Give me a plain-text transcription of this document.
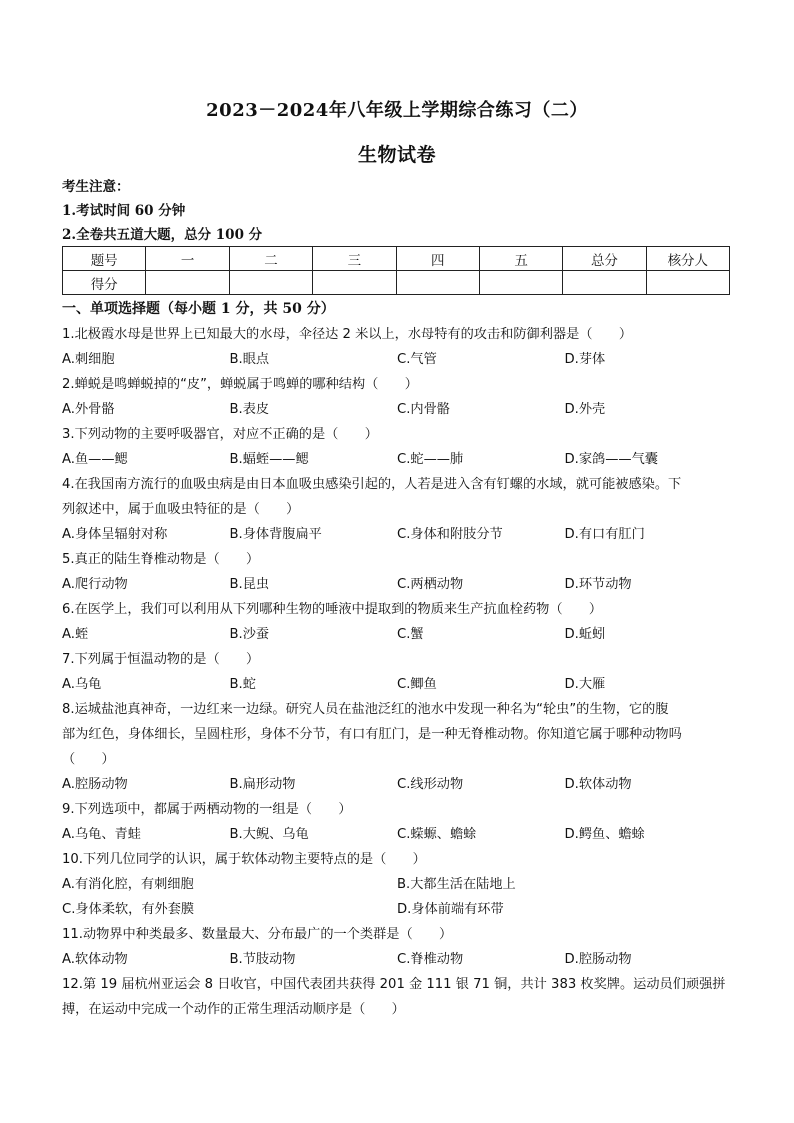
2023－2024年八年级上学期综合练习（二）
生物试卷
考生注意：
1.考试时间 60 分钟
2.全卷共五道大题，总分 100 分
题号	一	二	三	四	五	总分	核分人
得分							
一、单项选择题（每小题 1 分，共 50 分）
1.北极霞水母是世界上已知最大的水母，伞径达 2 米以上，水母特有的攻击和防御利器是（　　）
A.刺细胞	B.眼点	C.气管	D.芽体
2.蝉蜕是鸣蝉蜕掉的“皮”，蝉蜕属于鸣蝉的哪种结构（　　）
A.外骨骼	B.表皮	C.内骨骼	D.外壳
3.下列动物的主要呼吸器官，对应不正确的是（　　）
A.鱼——鳃	B.蝠蛭——鳃	C.蛇——肺	D.家鸽——气囊
4.在我国南方流行的血吸虫病是由日本血吸虫感染引起的，人若是进入含有钉螺的水域，就可能被感染。下
列叙述中，属于血吸虫特征的是（　　）
A.身体呈辐射对称	B.身体背腹扁平	C.身体和附肢分节	D.有口有肛门
5.真正的陆生脊椎动物是（　　）
A.爬行动物	B.昆虫	C.两栖动物	D.环节动物
6.在医学上，我们可以利用从下列哪种生物的唾液中提取到的物质来生产抗血栓药物（　　）
A.蛭	B.沙蚕	C.蟹	D.蚯蚓
7.下列属于恒温动物的是（　　）
A.乌龟	B.蛇	C.鲫鱼	D.大雁
8.运城盐池真神奇，一边红来一边绿。研究人员在盐池泛红的池水中发现一种名为“轮虫”的生物，它的腹
部为红色，身体细长，呈圆柱形，身体不分节，有口有肛门，是一种无脊椎动物。你知道它属于哪种动物吗
（　　）
A.腔肠动物	B.扁形动物	C.线形动物	D.软体动物
9.下列选项中，都属于两栖动物的一组是（　　）
A.乌龟、青蛙	B.大鲵、乌龟	C.蝾螈、蟾蜍	D.鳄鱼、蟾蜍
10.下列几位同学的认识，属于软体动物主要特点的是（　　）
A.有消化腔，有刺细胞	B.大都生活在陆地上
C.身体柔软，有外套膜	D.身体前端有环带
11.动物界中种类最多、数量最大、分布最广的一个类群是（　　）
A.软体动物	B.节肢动物	C.脊椎动物	D.腔肠动物
12.第 19 届杭州亚运会 8 日收官，中国代表团共获得 201 金 111 银 71 铜，共计 383 枚奖牌。运动员们顽强拼
搏，在运动中完成一个动作的正常生理活动顺序是（　　）
